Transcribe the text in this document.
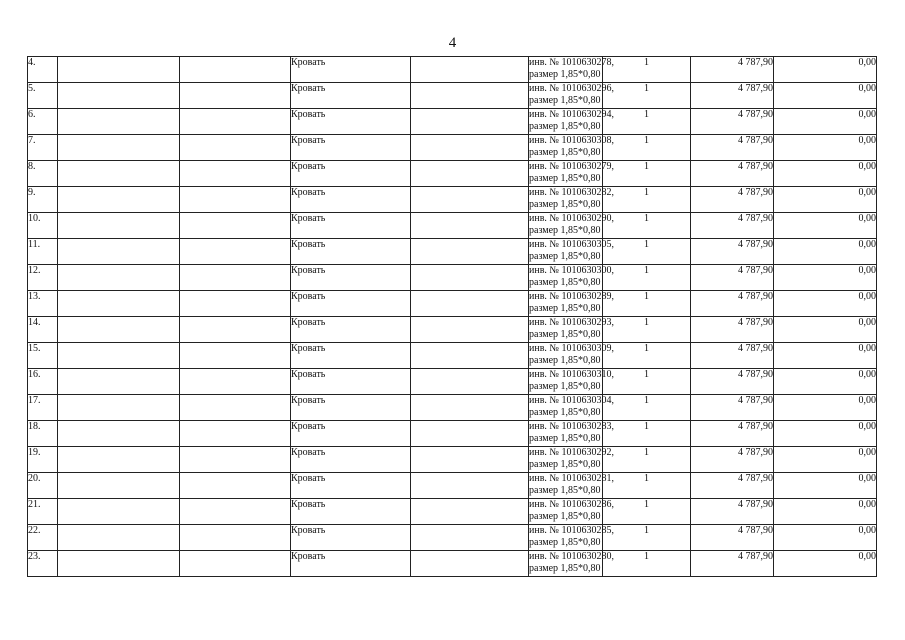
4
4.			Кровать		инв. № 1010630278,
размер 1,85*0,80	1	4 787,90	0,00
5.			Кровать		инв. № 1010630296,
размер 1,85*0,80	1	4 787,90	0,00
6.			Кровать		инв. № 1010630294,
размер 1,85*0,80	1	4 787,90	0,00
7.			Кровать		инв. № 1010630308,
размер 1,85*0,80	1	4 787,90	0,00
8.			Кровать		инв. № 1010630279,
размер 1,85*0,80	1	4 787,90	0,00
9.			Кровать		инв. № 1010630282,
размер 1,85*0,80	1	4 787,90	0,00
10.			Кровать		инв. № 1010630290,
размер 1,85*0,80	1	4 787,90	0,00
11.			Кровать		инв. № 1010630305,
размер 1,85*0,80	1	4 787,90	0,00
12.			Кровать		инв. № 1010630300,
размер 1,85*0,80	1	4 787,90	0,00
13.			Кровать		инв. № 1010630289,
размер 1,85*0,80	1	4 787,90	0,00
14.			Кровать		инв. № 1010630293,
размер 1,85*0,80	1	4 787,90	0,00
15.			Кровать		инв. № 1010630309,
размер 1,85*0,80	1	4 787,90	0,00
16.			Кровать		инв. № 1010630310,
размер 1,85*0,80	1	4 787,90	0,00
17.			Кровать		инв. № 1010630304,
размер 1,85*0,80	1	4 787,90	0,00
18.			Кровать		инв. № 1010630283,
размер 1,85*0,80	1	4 787,90	0,00
19.			Кровать		инв. № 1010630292,
размер 1,85*0,80	1	4 787,90	0,00
20.			Кровать		инв. № 1010630281,
размер 1,85*0,80	1	4 787,90	0,00
21.			Кровать		инв. № 1010630286,
размер 1,85*0,80	1	4 787,90	0,00
22.			Кровать		инв. № 1010630285,
размер 1,85*0,80	1	4 787,90	0,00
23.			Кровать		инв. № 1010630280,
размер 1,85*0,80	1	4 787,90	0,00
